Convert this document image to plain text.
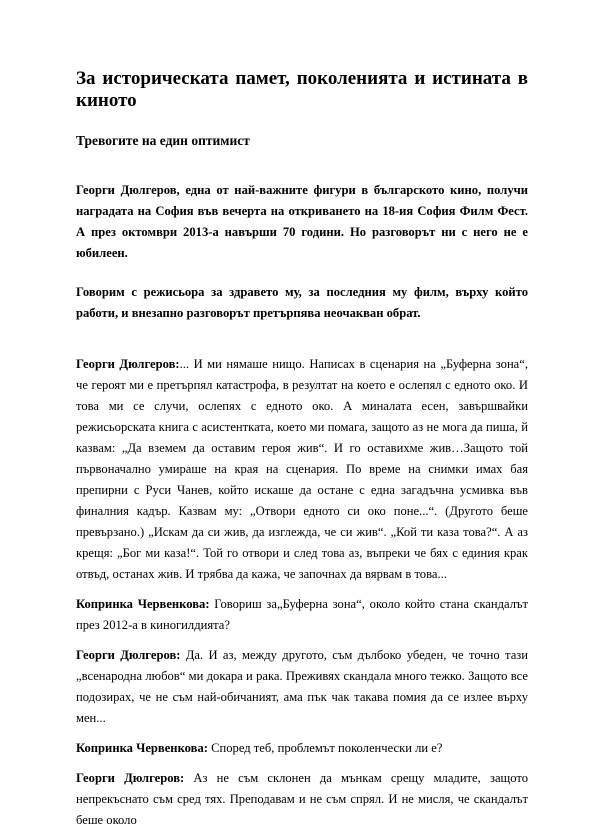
За историческата памет, поколенията и истината в киното
Тревогите на един оптимист

Георги Дюлгеров, една от най-важните фигури в българското кино, получи наградата на София във вечерта на откриването на 18-ия София Филм Фест. А през октомври 2013-а навърши 70 години. Но разговорът ни с него не е юбилеен.

Говорим с режисьора за здравето му, за последния му филм, върху който работи, и внезапно разговорът претърпява неочакван обрат.

Георги Дюлгеров:... И ми нямаше нищо. Написах в сценария на „Буферна зона“, че героят ми е претърпял катастрофа, в резултат на което е ослепял с едното око. И това ми се случи, ослепях с едното око. А миналата есен, завършвайки режисьорската книга с асистентката, което ми помага, защото аз не мога да пиша, й казвам: „Да вземем да оставим героя жив“. И го оставихме жив…Защото той първоначално умираше на края на сценария. По време на снимки имах бая препирни с Руси Чанев, който искаше да остане с една загадъчна усмивка във финалния кадър. Казвам му: „Отвори едното си око поне...“. (Другото беше превързано.) „Искам да си жив, да изглеждa, че си жив“. „Кой ти каза това?“. А аз крещя: „Бог ми каза!“. Той го отвори и след това аз, въпреки че бях с единия крак отвъд, останах жив. И трябва да кажа, че започнах да вярвам в това...

Копринка Червенкова: Говориш за„Буферна зона“, около който стана скандалът през 2012-а в киногилдията?

Георги Дюлгеров: Да. И аз, между другото, съм дълбоко убеден, че точно тази „всенародна любов“ ми докара и рака. Преживях скандала много тежко. Защото все подозирах, че не съм най-обичаният, ама пък чак такава помия да се излее върху мен...

Копринка Червенкова: Според теб, проблемът поколенчески ли е?

Георги Дюлгеров: Аз не съм склонен да мънкам срещу младите, защото непрекъснато съм сред тях. Преподавам и не съм спрял. И не мисля, че скандалът беше около
